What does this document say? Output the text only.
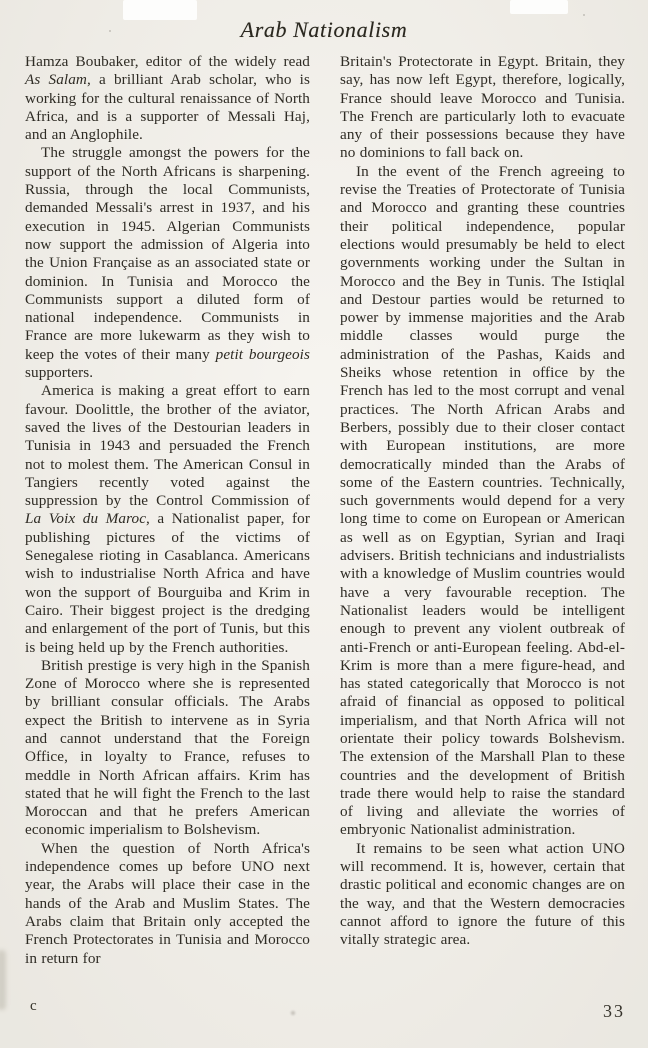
Arab Nationalism

Hamza Boubaker, editor of the widely read As Salam, a brilliant Arab scholar, who is working for the cultural renaissance of North Africa, and is a supporter of Messali Haj, and an Anglophile.

The struggle amongst the powers for the support of the North Africans is sharpening. Russia, through the local Communists, demanded Messali's arrest in 1937, and his execution in 1945. Algerian Communists now support the admission of Algeria into the Union Française as an associated state or dominion. In Tunisia and Morocco the Communists support a diluted form of national independence. Communists in France are more lukewarm as they wish to keep the votes of their many petit bourgeois supporters.

America is making a great effort to earn favour. Doolittle, the brother of the aviator, saved the lives of the Destourian leaders in Tunisia in 1943 and persuaded the French not to molest them. The American Consul in Tangiers recently voted against the suppression by the Control Commission of La Voix du Maroc, a Nationalist paper, for publishing pictures of the victims of Senegalese rioting in Casablanca. Americans wish to industrialise North Africa and have won the support of Bourguiba and Krim in Cairo. Their biggest project is the dredging and enlargement of the port of Tunis, but this is being held up by the French authorities.

British prestige is very high in the Spanish Zone of Morocco where she is represented by brilliant consular officials. The Arabs expect the British to intervene as in Syria and cannot understand that the Foreign Office, in loyalty to France, refuses to meddle in North African affairs. Krim has stated that he will fight the French to the last Moroccan and that he prefers American economic imperialism to Bolshevism.

When the question of North Africa's independence comes up before UNO next year, the Arabs will place their case in the hands of the Arab and Muslim States. The Arabs claim that Britain only accepted the French Protectorates in Tunisia and Morocco in return for

Britain's Protectorate in Egypt. Britain, they say, has now left Egypt, therefore, logically, France should leave Morocco and Tunisia. The French are particularly loth to evacuate any of their possessions because they have no dominions to fall back on.

In the event of the French agreeing to revise the Treaties of Protectorate of Tunisia and Morocco and granting these countries their political independence, popular elections would presumably be held to elect governments working under the Sultan in Morocco and the Bey in Tunis. The Istiqlal and Destour parties would be returned to power by immense majorities and the Arab middle classes would purge the administration of the Pashas, Kaids and Sheiks whose retention in office by the French has led to the most corrupt and venal practices. The North African Arabs and Berbers, possibly due to their closer contact with European institutions, are more democratically minded than the Arabs of some of the Eastern countries. Technically, such governments would depend for a very long time to come on European or American as well as on Egyptian, Syrian and Iraqi advisers. British technicians and industrialists with a knowledge of Muslim countries would have a very favourable reception. The Nationalist leaders would be intelligent enough to prevent any violent outbreak of anti-French or anti-European feeling. Abd-el-Krim is more than a mere figure-head, and has stated categorically that Morocco is not afraid of financial as opposed to political imperialism, and that North Africa will not orientate their policy towards Bolshevism. The extension of the Marshall Plan to these countries and the development of British trade there would help to raise the standard of living and alleviate the worries of embryonic Nationalist administration.

It remains to be seen what action UNO will recommend. It is, however, certain that drastic political and economic changes are on the way, and that the Western democracies cannot afford to ignore the future of this vitally strategic area.

c	33
